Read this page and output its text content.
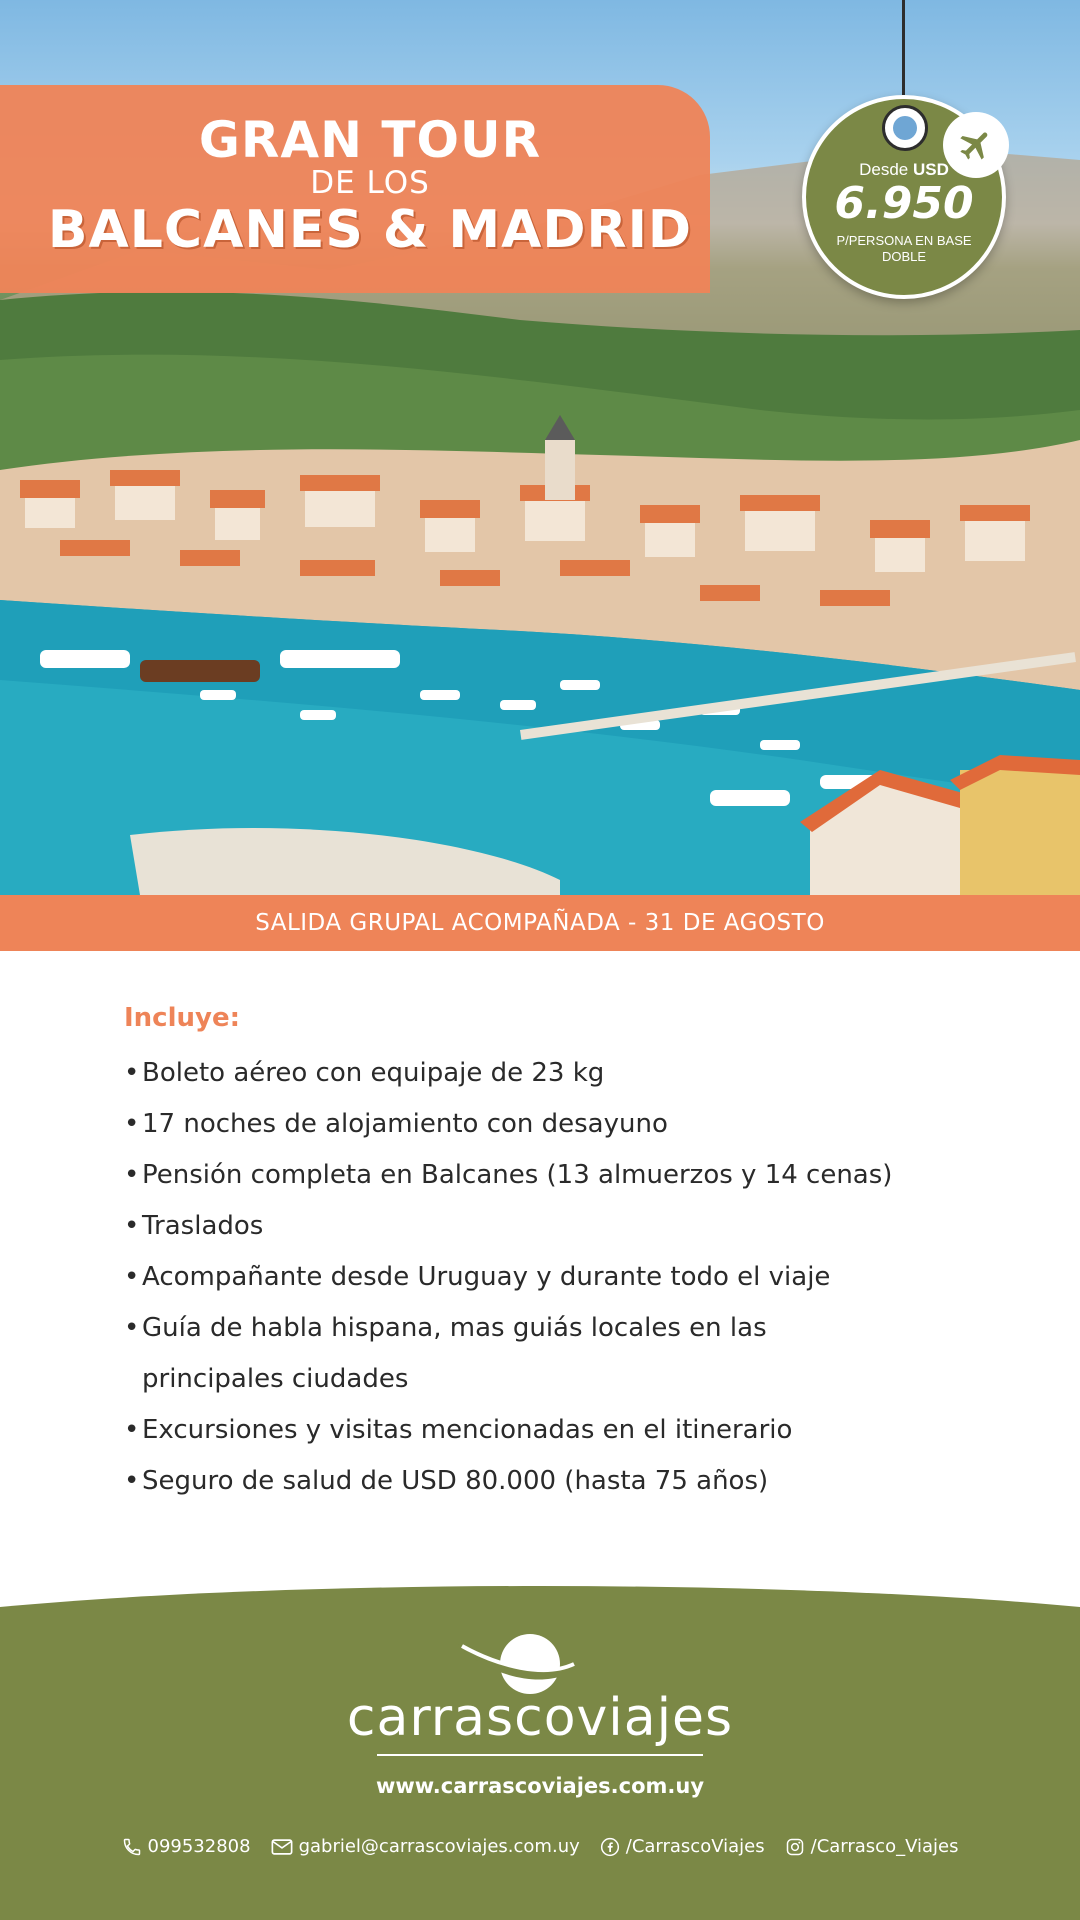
GRAN TOUR
DE LOS
BALCANES & MADRID
Desde USD
6.950
P/PERSONA EN BASE DOBLE
SALIDA GRUPAL ACOMPAÑADA - 31 DE AGOSTO
Incluye:
• Boleto aéreo con equipaje de 23 kg
• 17 noches de alojamiento con desayuno
• Pensión completa en Balcanes (13 almuerzos y 14 cenas)
• Traslados
• Acompañante desde Uruguay y durante todo el viaje
• Guía de habla hispana, mas guiás locales en las principales ciudades
• Excursiones y visitas mencionadas en el itinerario
• Seguro de salud de USD 80.000 (hasta 75 años)
carrascoviajes
www.carrascoviajes.com.uy
099532808	gabriel@carrascoviajes.com.uy	/CarrascoViajes	/Carrasco_Viajes
